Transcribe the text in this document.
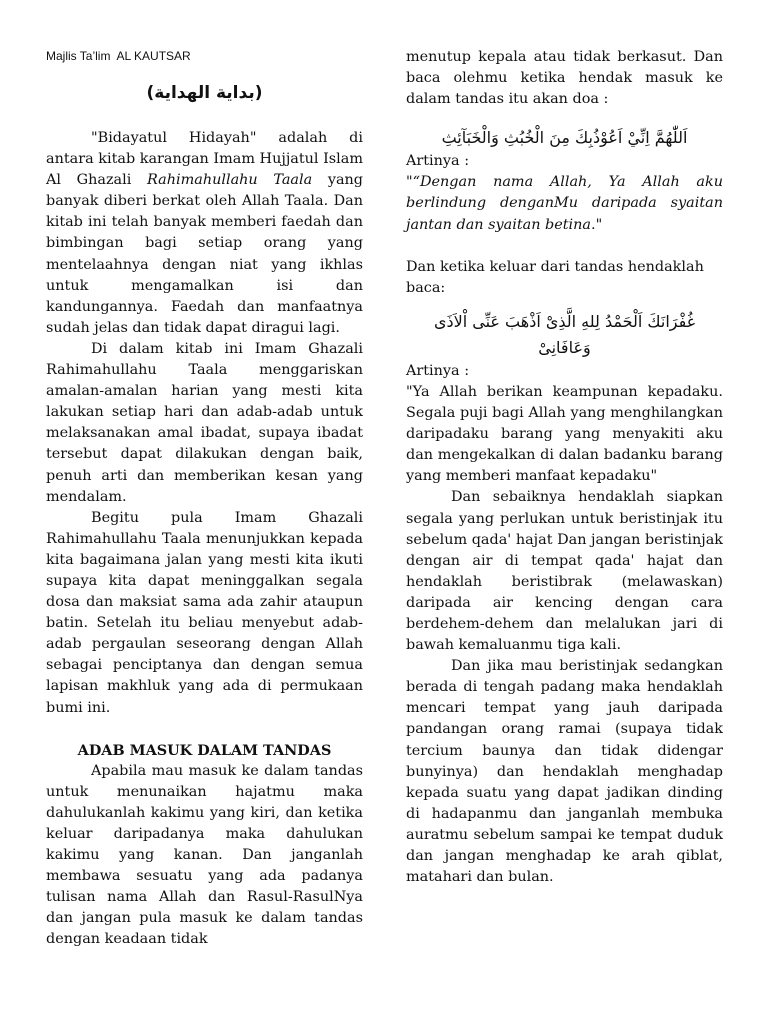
Majlis Ta’lim  AL KAUTSAR
(بداية الهداية)

"Bidayatul Hidayah" adalah di antara kitab karangan Imam Hujjatul Islam Al Ghazali Rahimahullahu Taala yang banyak diberi berkat oleh Allah Taala. Dan kitab ini telah banyak memberi faedah dan bimbingan bagi setiap orang yang mentelaahnya dengan niat yang ikhlas untuk mengamalkan isi dan kandungannya. Faedah dan manfaatnya sudah jelas dan tidak dapat diragui lagi.

Di dalam kitab ini Imam Ghazali Rahimahullahu Taala menggariskan amalan-amalan harian yang mesti kita lakukan setiap hari dan adab-adab untuk melaksanakan amal ibadat, supaya ibadat tersebut dapat dilakukan dengan baik, penuh arti dan memberikan kesan yang mendalam.

Begitu pula Imam Ghazali Rahimahullahu Taala menunjukkan kepada kita bagaimana jalan yang mesti kita ikuti supaya kita dapat meninggalkan segala dosa dan maksiat sama ada zahir ataupun batin. Setelah itu beliau menyebut adab-adab pergaulan seseorang dengan Allah sebagai penciptanya dan dengan semua lapisan makhluk yang ada di permukaan bumi ini.

ADAB MASUK DALAM TANDAS

Apabila mau masuk ke dalam tandas untuk menunaikan hajatmu maka dahulukanlah kakimu yang kiri, dan ketika keluar daripadanya maka dahulukan kakimu yang kanan. Dan janganlah membawa sesuatu yang ada padanya tulisan nama Allah dan Rasul-RasulNya dan jangan pula masuk ke dalam tandas dengan keadaan tidak

menutup kepala atau tidak berkasut. Dan baca olehmu ketika hendak masuk ke dalam tandas itu akan doa :

اَللّٰهُمَّ اِنِّيْ اَعُوْذُبِكَ مِنَ الْخُبُثِ وَالْخَبَآئِثِ

Artinya :

"“Dengan nama Allah, Ya Allah aku berlindung denganMu daripada syaitan jantan dan syaitan betina."

Dan ketika keluar dari tandas hendaklah baca:

غُفْرَانَكَ اَلْحَمْدُ لِلهِ الَّذِىْ اَذْهَبَ عَنِّى اْلاَذَى وَعَافَانِىْ

Artinya :

"Ya Allah berikan keampunan kepadaku. Segala puji bagi Allah yang menghilangkan daripadaku barang yang menyakiti aku dan mengekalkan di dalan badanku barang yang memberi manfaat kepadaku"

Dan sebaiknya hendaklah siapkan segala yang perlukan untuk beristinjak itu sebelum qada' hajat Dan jangan beristinjak dengan air di tempat qada' hajat dan hendaklah beristibrak (melawaskan) daripada air kencing dengan cara berdehem-dehem dan melalukan jari di bawah kemaluanmu tiga kali.

Dan jika mau beristinjak sedangkan berada di tengah padang maka hendaklah mencari tempat yang jauh daripada pandangan orang ramai (supaya tidak tercium baunya dan tidak didengar bunyinya) dan hendaklah menghadap kepada suatu yang dapat jadikan dinding di hadapanmu dan janganlah membuka auratmu sebelum sampai ke tempat duduk dan jangan menghadap ke arah qiblat, matahari dan bulan.
